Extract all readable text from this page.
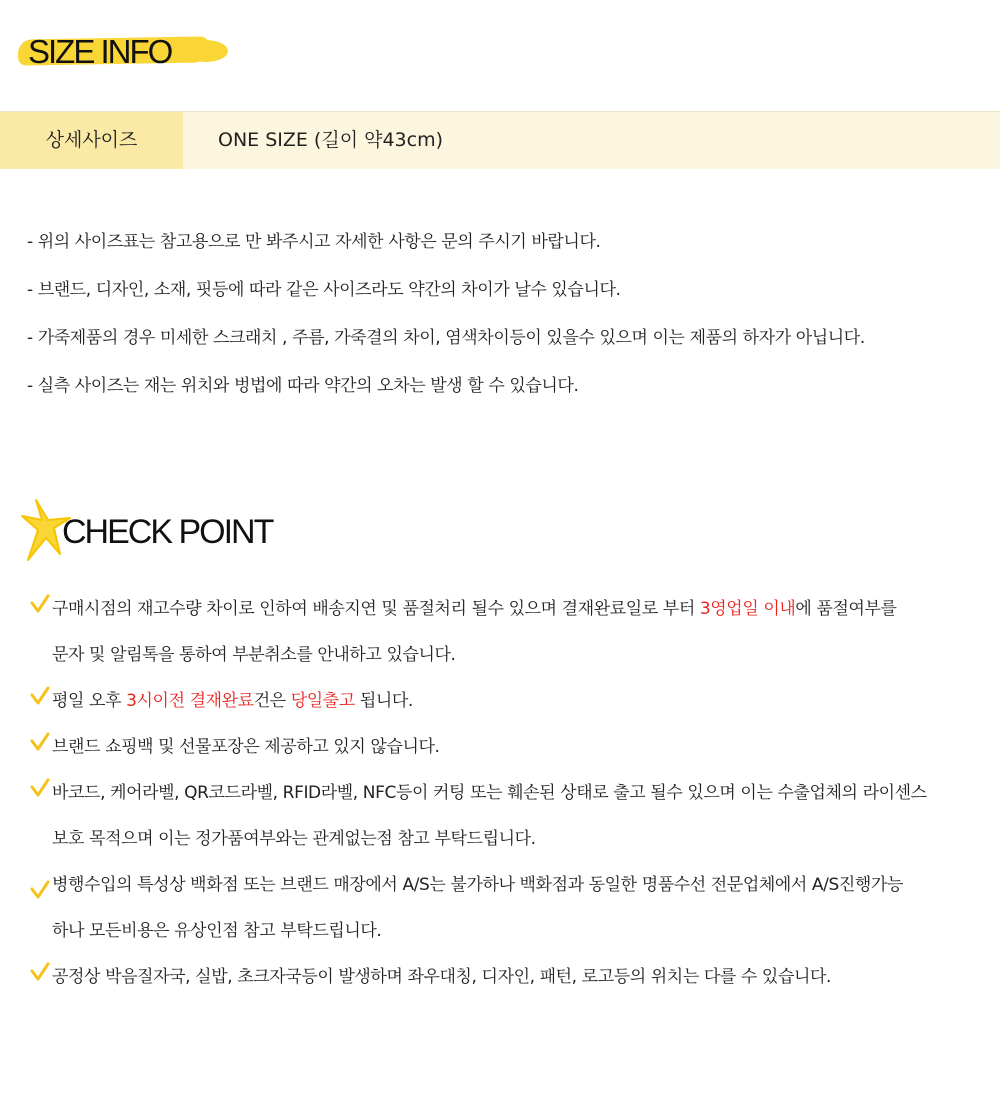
SIZE INFO
상세사이즈	ONE SIZE (길이 약43cm)
- 위의 사이즈표는 참고용으로 만 봐주시고 자세한 사항은 문의 주시기 바랍니다.
- 브랜드, 디자인, 소재, 핏등에 따라 같은 사이즈라도 약간의 차이가 날수 있습니다.
- 가죽제품의 경우 미세한 스크래치 , 주름, 가죽결의 차이, 염색차이등이 있을수 있으며 이는 제품의 하자가 아닙니다.
- 실측 사이즈는 재는 위치와 벙법에 따라 약간의 오차는 발생 할 수 있습니다.
CHECK POINT
구매시점의 재고수량 차이로 인하여 배송지연 및 품절처리 될수 있으며 결재완료일로 부터 3영업일 이내에 품절여부를
문자 및 알림톡을 통하여 부분취소를 안내하고 있습니다.
평일 오후 3시이전 결재완료건은 당일출고 됩니다.
브랜드 쇼핑백 및 선물포장은 제공하고 있지 않습니다.
바코드, 케어라벨, QR코드라벨, RFID라벨, NFC등이 커팅 또는 훼손된 상태로 출고 될수 있으며 이는 수출업체의 라이센스
보호 목적으며 이는 정가품여부와는 관계없는점 참고 부탁드립니다.
병행수입의 특성상 백화점 또는 브랜드 매장에서 A/S는 불가하나 백화점과 동일한 명품수선 전문업체에서 A/S진행가능
하나 모든비용은 유상인점 참고 부탁드립니다.
공정상 박음질자국, 실밥, 초크자국등이 발생하며 좌우대칭, 디자인, 패턴, 로고등의 위치는 다를 수 있습니다.
